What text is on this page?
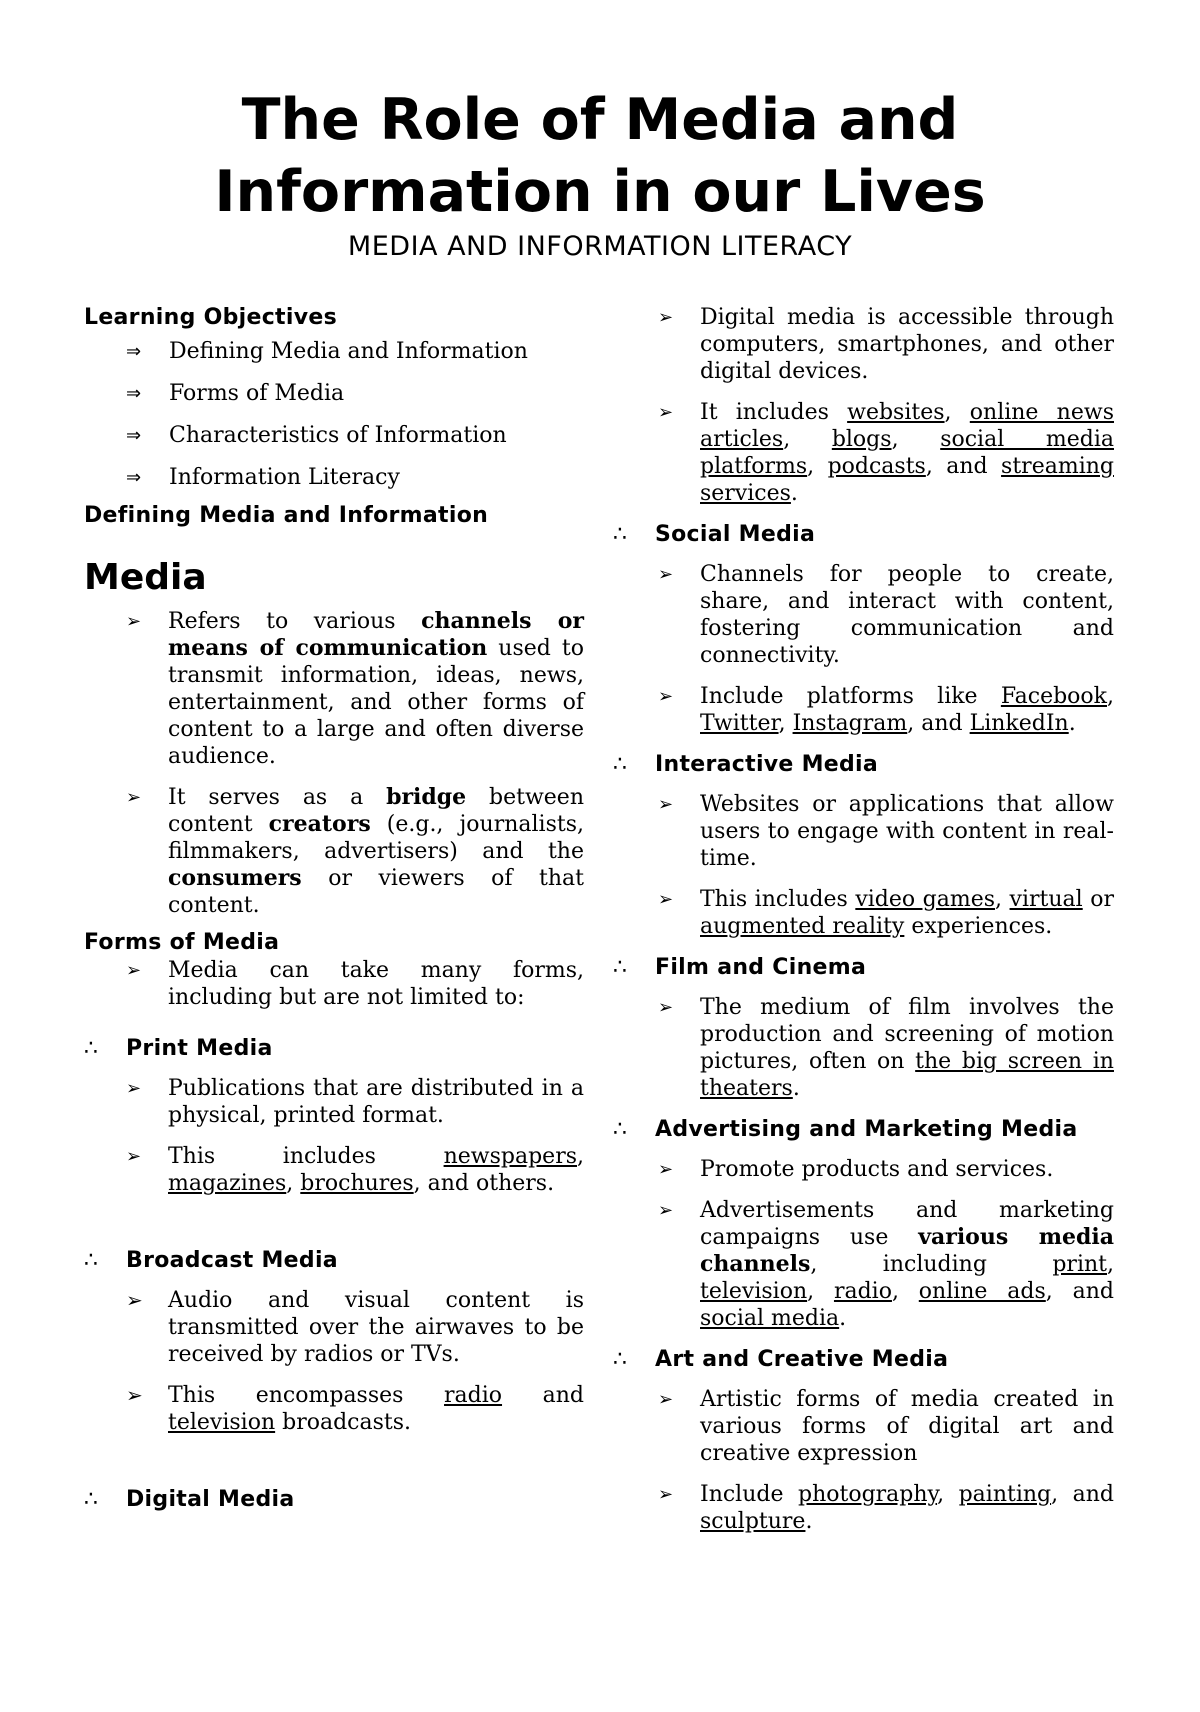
The Role of Media and
Information in our Lives
MEDIA AND INFORMATION LITERACY
Learning Objectives
⇒ Defining Media and Information
⇒ Forms of Media
⇒ Characteristics of Information
⇒ Information Literacy
Defining Media and Information
Media
➢ Refers to various channels or means of communication used to transmit information, ideas, news, entertainment, and other forms of content to a large and often diverse audience.
➢ It serves as a bridge between content creators (e.g., journalists, filmmakers, advertisers) and the consumers or viewers of that content.
Forms of Media
➢ Media can take many forms, including but are not limited to:
∴ Print Media
➢ Publications that are distributed in a physical, printed format.
➢ This includes newspapers, magazines, brochures, and others.
∴ Broadcast Media
➢ Audio and visual content is transmitted over the airwaves to be received by radios or TVs.
➢ This encompasses radio and television broadcasts.
∴ Digital Media
➢ Digital media is accessible through computers, smartphones, and other digital devices.
➢ It includes websites, online news articles, blogs, social media platforms, podcasts, and streaming services.
∴ Social Media
➢ Channels for people to create, share, and interact with content, fostering communication and connectivity.
➢ Include platforms like Facebook, Twitter, Instagram, and LinkedIn.
∴ Interactive Media
➢ Websites or applications that allow users to engage with content in real-time.
➢ This includes video games, virtual or augmented reality experiences.
∴ Film and Cinema
➢ The medium of film involves the production and screening of motion pictures, often on the big screen in theaters.
∴ Advertising and Marketing Media
➢ Promote products and services.
➢ Advertisements and marketing campaigns use various media channels, including print, television, radio, online ads, and social media.
∴ Art and Creative Media
➢ Artistic forms of media created in various forms of digital art and creative expression
➢ Include photography, painting, and sculpture.
